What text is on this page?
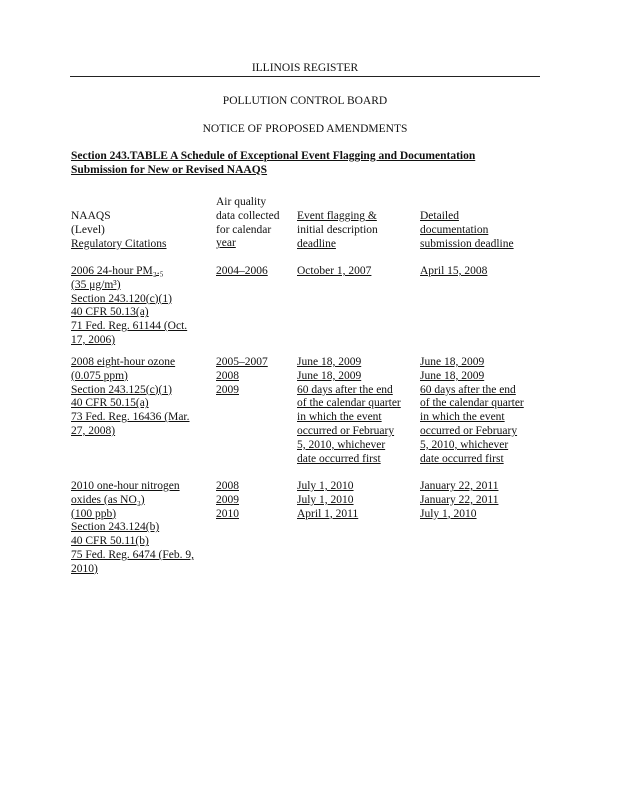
ILLINOIS REGISTER
POLLUTION CONTROL BOARD
NOTICE OF PROPOSED AMENDMENTS
Section 243.TABLE A Schedule of Exceptional Event Flagging and Documentation
Submission for New or Revised NAAQS
NAAQS
(Level)
Regulatory Citations
Air quality
data collected
for calendar
year
Event flagging &
initial description
deadline
Detailed
documentation
submission deadline
2006 24-hour PM₂.₅
(35 μg/m³)
Section 243.120(c)(1)
40 CFR 50.13(a)
71 Fed. Reg. 61144 (Oct.
17, 2006)
2004–2006	October 1, 2007	April 15, 2008
2008 eight-hour ozone
(0.075 ppm)
Section 243.125(c)(1)
40 CFR 50.15(a)
73 Fed. Reg. 16436 (Mar.
27, 2008)
2005–2007
2008
2009
June 18, 2009
June 18, 2009
60 days after the end
of the calendar quarter
in which the event
occurred or February
5, 2010, whichever
date occurred first
June 18, 2009
June 18, 2009
60 days after the end
of the calendar quarter
in which the event
occurred or February
5, 2010, whichever
date occurred first
2010 one-hour nitrogen
oxides (as NO₂)
(100 ppb)
Section 243.124(b)
40 CFR 50.11(b)
75 Fed. Reg. 6474 (Feb. 9,
2010)
2008
2009
2010
July 1, 2010
July 1, 2010
April 1, 2011
January 22, 2011
January 22, 2011
July 1, 2010
